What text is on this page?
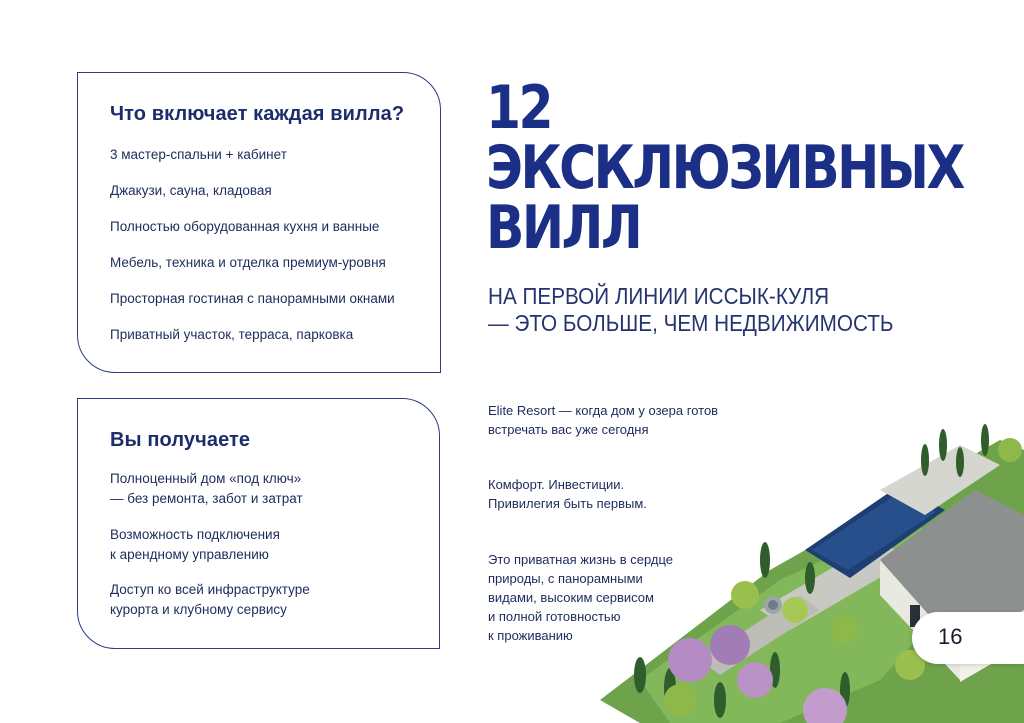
Что включает каждая вилла?
3 мастер-спальни + кабинет
Джакузи, сауна, кладовая
Полностью оборудованная кухня и ванные
Мебель, техника и отделка премиум-уровня
Просторная гостиная с панорамными окнами
Приватный участок, терраса, парковка
Вы получаете
Полноценный дом «под ключ»
— без ремонта, забот и затрат
Возможность подключения
к арендному управлению
Доступ ко всей инфраструктуре
курорта и клубному сервису
12
ЭКСКЛЮЗИВНЫХ
ВИЛЛ
НА ПЕРВОЙ ЛИНИИ ИССЫК-КУЛЯ
— ЭТО БОЛЬШЕ, ЧЕМ НЕДВИЖИМОСТЬ
Elite Resort — когда дом у озера готов
встречать вас уже сегодня
Комфорт. Инвестиции.
Привилегия быть первым.
Это приватная жизнь в сердце
природы, с панорамными
видами, высоким сервисом
и полной готовностью
к проживанию	16
